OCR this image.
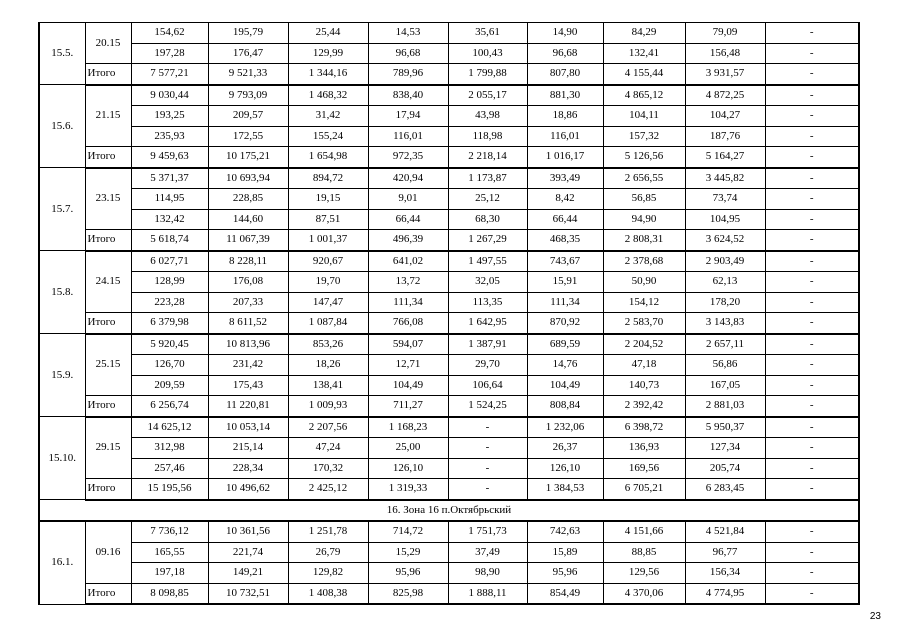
15.5.	20.15	154,62	195,79	25,44	14,53	35,61	14,90	84,29	79,09	-
		197,28	176,47	129,99	96,68	100,43	96,68	132,41	156,48	-
	Итого	7 577,21	9 521,33	1 344,16	789,96	1 799,88	807,80	4 155,44	3 931,57	-
15.6.	21.15	9 030,44	9 793,09	1 468,32	838,40	2 055,17	881,30	4 865,12	4 872,25	-
		193,25	209,57	31,42	17,94	43,98	18,86	104,11	104,27	-
		235,93	172,55	155,24	116,01	118,98	116,01	157,32	187,76	-
	Итого	9 459,63	10 175,21	1 654,98	972,35	2 218,14	1 016,17	5 126,56	5 164,27	-
15.7.	23.15	5 371,37	10 693,94	894,72	420,94	1 173,87	393,49	2 656,55	3 445,82	-
		114,95	228,85	19,15	9,01	25,12	8,42	56,85	73,74	-
		132,42	144,60	87,51	66,44	68,30	66,44	94,90	104,95	-
	Итого	5 618,74	11 067,39	1 001,37	496,39	1 267,29	468,35	2 808,31	3 624,52	-
15.8.	24.15	6 027,71	8 228,11	920,67	641,02	1 497,55	743,67	2 378,68	2 903,49	-
		128,99	176,08	19,70	13,72	32,05	15,91	50,90	62,13	-
		223,28	207,33	147,47	111,34	113,35	111,34	154,12	178,20	-
	Итого	6 379,98	8 611,52	1 087,84	766,08	1 642,95	870,92	2 583,70	3 143,83	-
15.9.	25.15	5 920,45	10 813,96	853,26	594,07	1 387,91	689,59	2 204,52	2 657,11	-
		126,70	231,42	18,26	12,71	29,70	14,76	47,18	56,86	-
		209,59	175,43	138,41	104,49	106,64	104,49	140,73	167,05	-
	Итого	6 256,74	11 220,81	1 009,93	711,27	1 524,25	808,84	2 392,42	2 881,03	-
15.10.	29.15	14 625,12	10 053,14	2 207,56	1 168,23	-	1 232,06	6 398,72	5 950,37	-
		312,98	215,14	47,24	25,00	-	26,37	136,93	127,34	-
		257,46	228,34	170,32	126,10	-	126,10	169,56	205,74	-
	Итого	15 195,56	10 496,62	2 425,12	1 319,33	-	1 384,53	6 705,21	6 283,45	-
16. Зона 16 п.Октябрьский										
16.1.	09.16	7 736,12	10 361,56	1 251,78	714,72	1 751,73	742,63	4 151,66	4 521,84	-
		165,55	221,74	26,79	15,29	37,49	15,89	88,85	96,77	-
		197,18	149,21	129,82	95,96	98,90	95,96	129,56	156,34	-
	Итого	8 098,85	10 732,51	1 408,38	825,98	1 888,11	854,49	4 370,06	4 774,95	-
23
